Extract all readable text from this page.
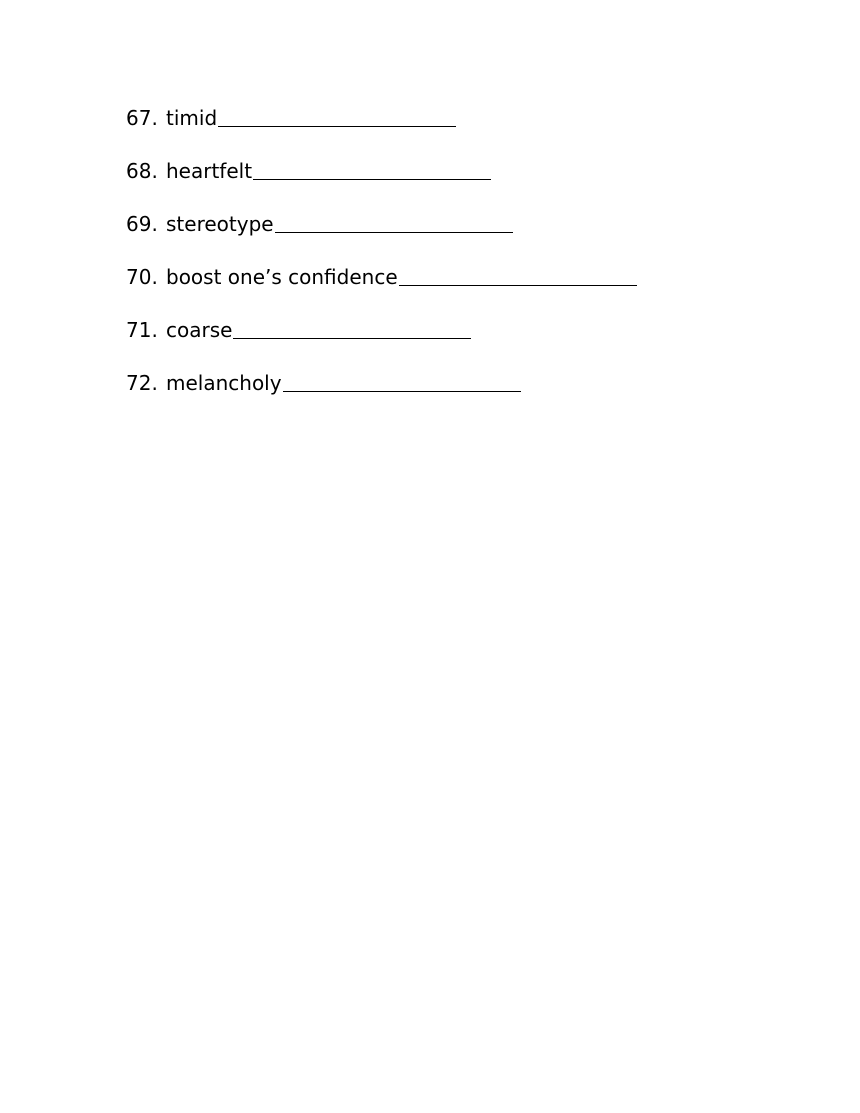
67. timid
68. heartfelt
69. stereotype
70. boost one’s confidence
71. coarse
72. melancholy
